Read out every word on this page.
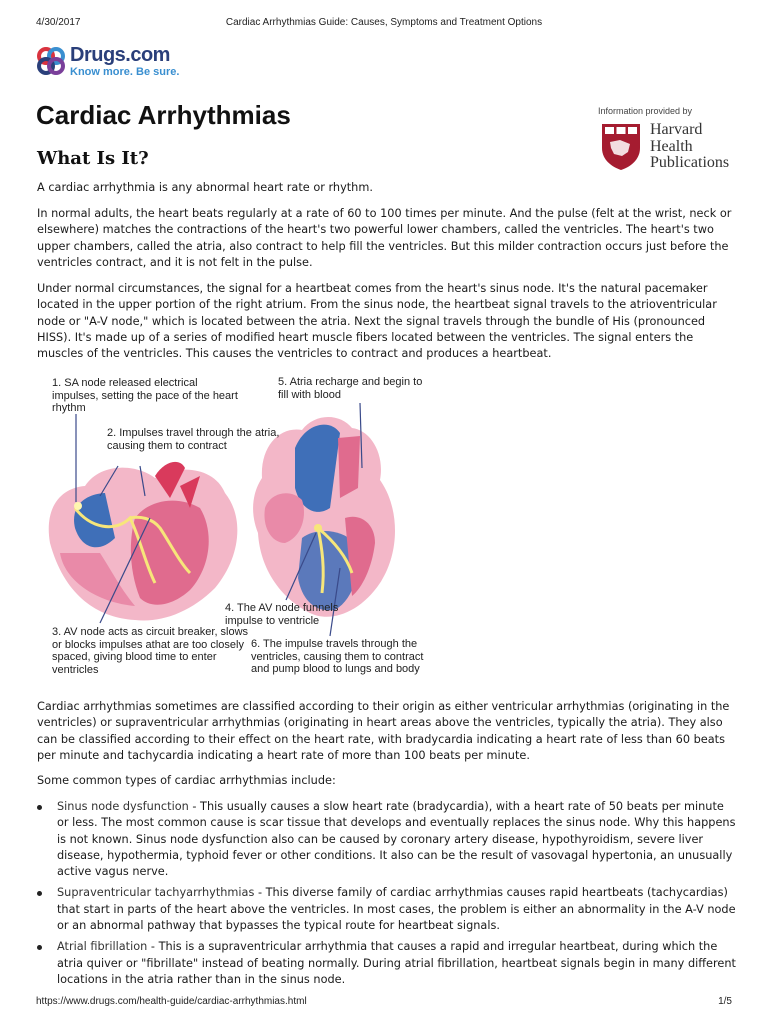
4/30/2017	Cardiac Arrhythmias Guide: Causes, Symptoms and Treatment Options
Drugs.com
Know more. Be sure.
Information provided by
Harvard
Health
Publications
Cardiac Arrhythmias
What Is It?

A cardiac arrhythmia is any abnormal heart rate or rhythm.

In normal adults, the heart beats regularly at a rate of 60 to 100 times per minute. And the pulse (felt at the wrist, neck or elsewhere) matches the contractions of the heart's two powerful lower chambers, called the ventricles. The heart's two upper chambers, called the atria, also contract to help fill the ventricles. But this milder contraction occurs just before the ventricles contract, and it is not felt in the pulse.

Under normal circumstances, the signal for a heartbeat comes from the heart's sinus node. It's the natural pacemaker located in the upper portion of the right atrium. From the sinus node, the heartbeat signal travels to the atrioventricular node or "A-V node," which is located between the atria. Next the signal travels through the bundle of His (pronounced HISS). It's made up of a series of modified heart muscle fibers located between the ventricles. The signal enters the muscles of the ventricles. This causes the ventricles to contract and produces a heartbeat.

1. SA node released electrical impulses, setting the pace of the heart rhythm
2. Impulses travel through the atria, causing them to contract
3. AV node acts as circuit breaker, slows or blocks impulses athat are too closely spaced, giving blood time to enter ventricles
4. The AV node funnels impulse to ventricle
5. Atria recharge and begin to fill with blood
6. The impulse travels through the ventricles, causing them to contract and pump blood to lungs and body

Cardiac arrhythmias sometimes are classified according to their origin as either ventricular arrhythmias (originating in the ventricles) or supraventricular arrhythmias (originating in heart areas above the ventricles, typically the atria). They also can be classified according to their effect on the heart rate, with bradycardia indicating a heart rate of less than 60 beats per minute and tachycardia indicating a heart rate of more than 100 beats per minute.

Some common types of cardiac arrhythmias include:

Sinus node dysfunction - This usually causes a slow heart rate (bradycardia), with a heart rate of 50 beats per minute or less. The most common cause is scar tissue that develops and eventually replaces the sinus node. Why this happens is not known. Sinus node dysfunction also can be caused by coronary artery disease, hypothyroidism, severe liver disease, hypothermia, typhoid fever or other conditions. It also can be the result of vasovagal hypertonia, an unusually active vagus nerve.
Supraventricular tachyarrhythmias - This diverse family of cardiac arrhythmias causes rapid heartbeats (tachycardias) that start in parts of the heart above the ventricles. In most cases, the problem is either an abnormality in the A-V node or an abnormal pathway that bypasses the typical route for heartbeat signals.
Atrial fibrillation - This is a supraventricular arrhythmia that causes a rapid and irregular heartbeat, during which the atria quiver or "fibrillate" instead of beating normally. During atrial fibrillation, heartbeat signals begin in many different locations in the atria rather than in the sinus node.
https://www.drugs.com/health-guide/cardiac-arrhythmias.html	1/5
